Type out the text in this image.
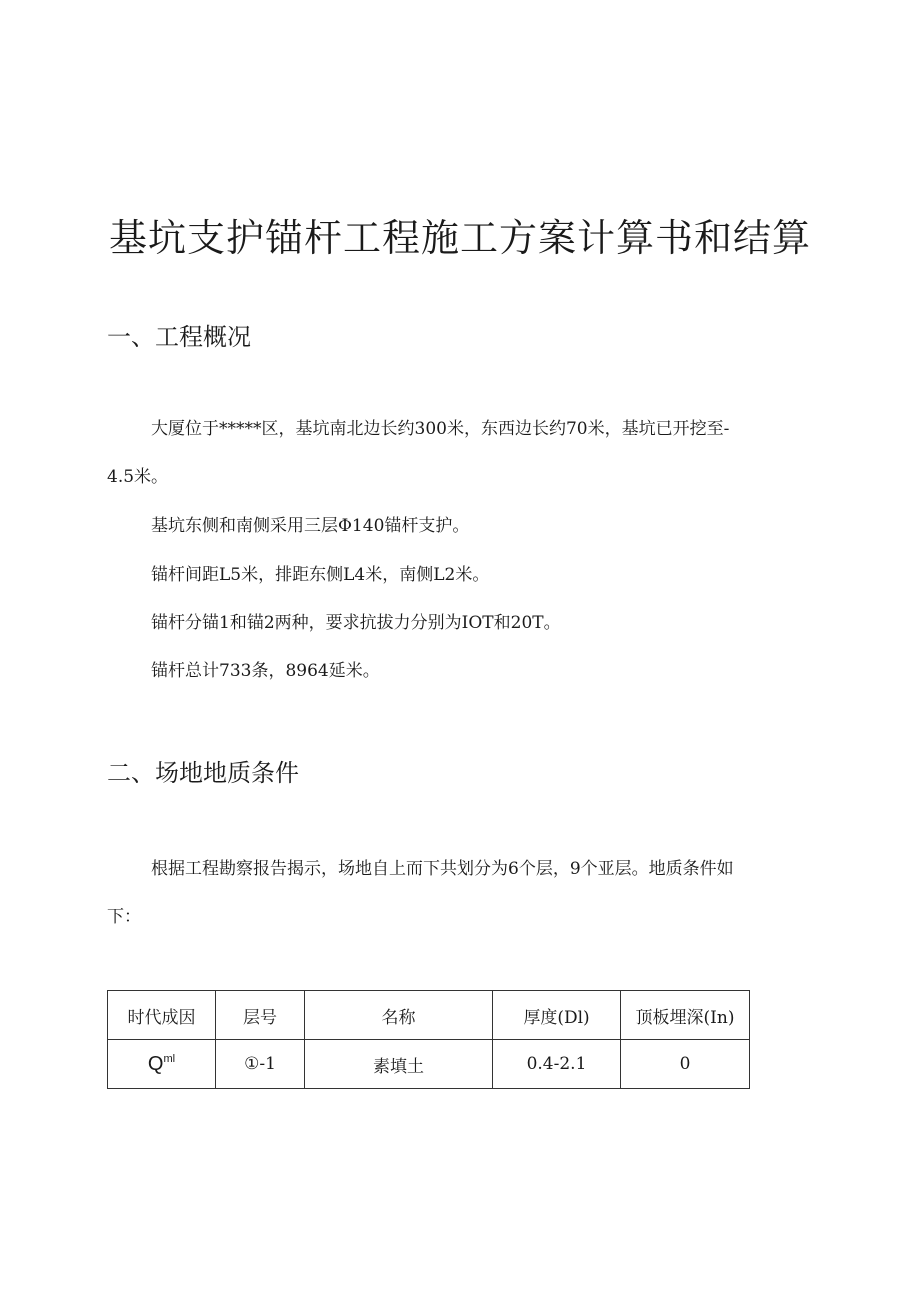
基坑支护锚杆工程施工方案计算书和结算
一、工程概况
大厦位于*****区，基坑南北边长约300米，东西边长约70米，基坑已开挖至-
4.5米。
基坑东侧和南侧采用三层Φ140锚杆支护。
锚杆间距L5米，排距东侧L4米，南侧L2米。
锚杆分锚1和锚2两种，要求抗拔力分别为IOT和20T。
锚杆总计733条，8964延米。
二、场地地质条件
根据工程勘察报告揭示，场地自上而下共划分为6个层，9个亚层。地质条件如
下：
时代成因	层号	名称	厚度(Dl)	顶板埋深(In)
$Q^{ml}$	①-1	素填土	0.4-2.1	0
